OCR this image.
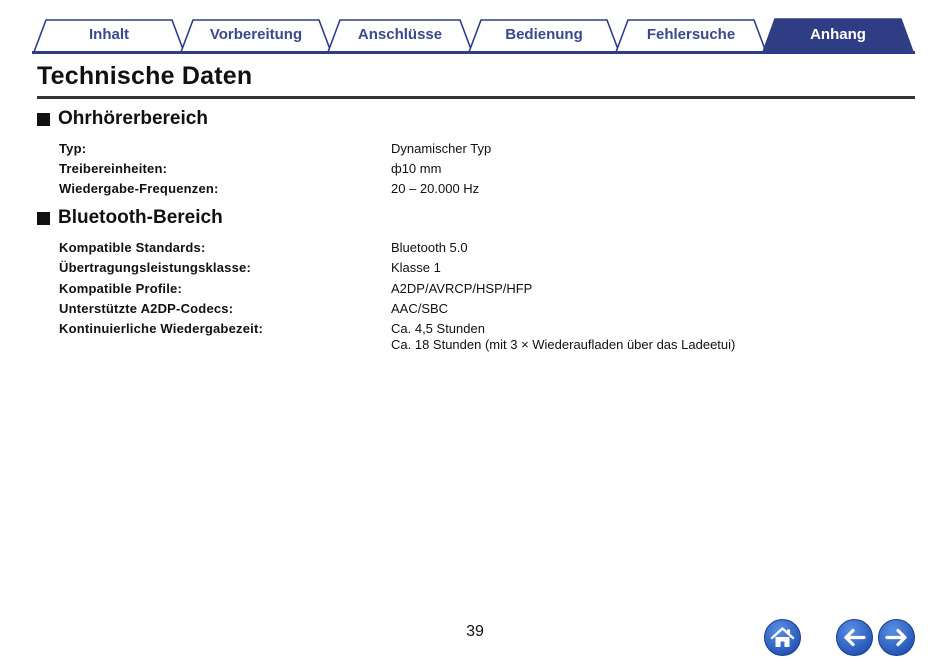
Inhalt	Vorbereitung	Anschlüsse	Bedienung	Fehlersuche	Anhang
Technische Daten
Ohrhörerbereich
Typ:	Dynamischer Typ
Treibereinheiten:	ф10 mm
Wiedergabe-Frequenzen:	20 – 20.000 Hz
Bluetooth-Bereich
Kompatible Standards:	Bluetooth 5.0
Übertragungsleistungsklasse:	Klasse 1
Kompatible Profile:	A2DP/AVRCP/HSP/HFP
Unterstützte A2DP-Codecs:	AAC/SBC
Kontinuierliche Wiedergabezeit:	Ca. 4,5 Stunden
Ca. 18 Stunden (mit 3 × Wiederaufladen über das Ladeetui)
39
